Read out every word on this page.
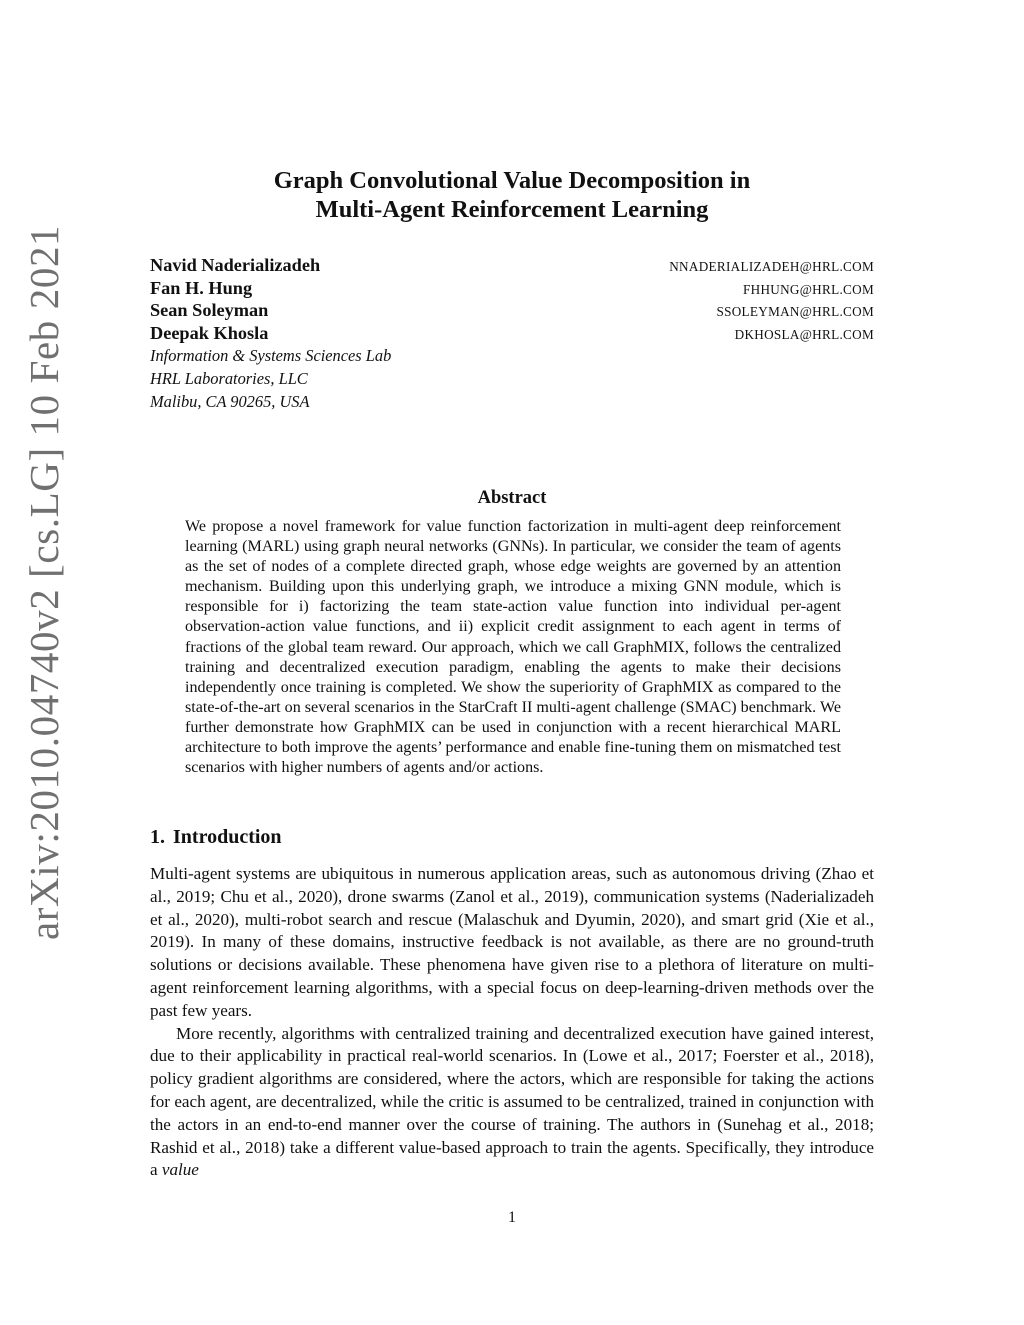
arXiv:2010.04740v2 [cs.LG] 10 Feb 2021
Graph Convolutional Value Decomposition in
Multi-Agent Reinforcement Learning
Navid Naderializadeh	NNADERIALIZADEH@HRL.COM
Fan H. Hung	FHHUNG@HRL.COM
Sean Soleyman	SSOLEYMAN@HRL.COM
Deepak Khosla	DKHOSLA@HRL.COM
Information & Systems Sciences Lab
HRL Laboratories, LLC
Malibu, CA 90265, USA
Abstract
We propose a novel framework for value function factorization in multi-agent deep reinforcement learning (MARL) using graph neural networks (GNNs). In particular, we consider the team of agents as the set of nodes of a complete directed graph, whose edge weights are governed by an attention mechanism. Building upon this underlying graph, we introduce a mixing GNN module, which is responsible for i) factorizing the team state-action value function into individual per-agent observation-action value functions, and ii) explicit credit assignment to each agent in terms of fractions of the global team reward. Our approach, which we call GraphMIX, follows the centralized training and decentralized execution paradigm, enabling the agents to make their decisions independently once training is completed. We show the superiority of GraphMIX as compared to the state-of-the-art on several scenarios in the StarCraft II multi-agent challenge (SMAC) benchmark. We further demonstrate how GraphMIX can be used in conjunction with a recent hierarchical MARL architecture to both improve the agents’ performance and enable fine-tuning them on mismatched test scenarios with higher numbers of agents and/or actions.
1. Introduction

Multi-agent systems are ubiquitous in numerous application areas, such as autonomous driving (Zhao et al., 2019; Chu et al., 2020), drone swarms (Zanol et al., 2019), communication systems (Naderializadeh et al., 2020), multi-robot search and rescue (Malaschuk and Dyumin, 2020), and smart grid (Xie et al., 2019). In many of these domains, instructive feedback is not available, as there are no ground-truth solutions or decisions available. These phenomena have given rise to a plethora of literature on multi-agent reinforcement learning algorithms, with a special focus on deep-learning-driven methods over the past few years.

More recently, algorithms with centralized training and decentralized execution have gained interest, due to their applicability in practical real-world scenarios. In (Lowe et al., 2017; Foerster et al., 2018), policy gradient algorithms are considered, where the actors, which are responsible for taking the actions for each agent, are decentralized, while the critic is assumed to be centralized, trained in conjunction with the actors in an end-to-end manner over the course of training. The authors in (Sunehag et al., 2018; Rashid et al., 2018) take a different value-based approach to train the agents. Specifically, they introduce a value

1
